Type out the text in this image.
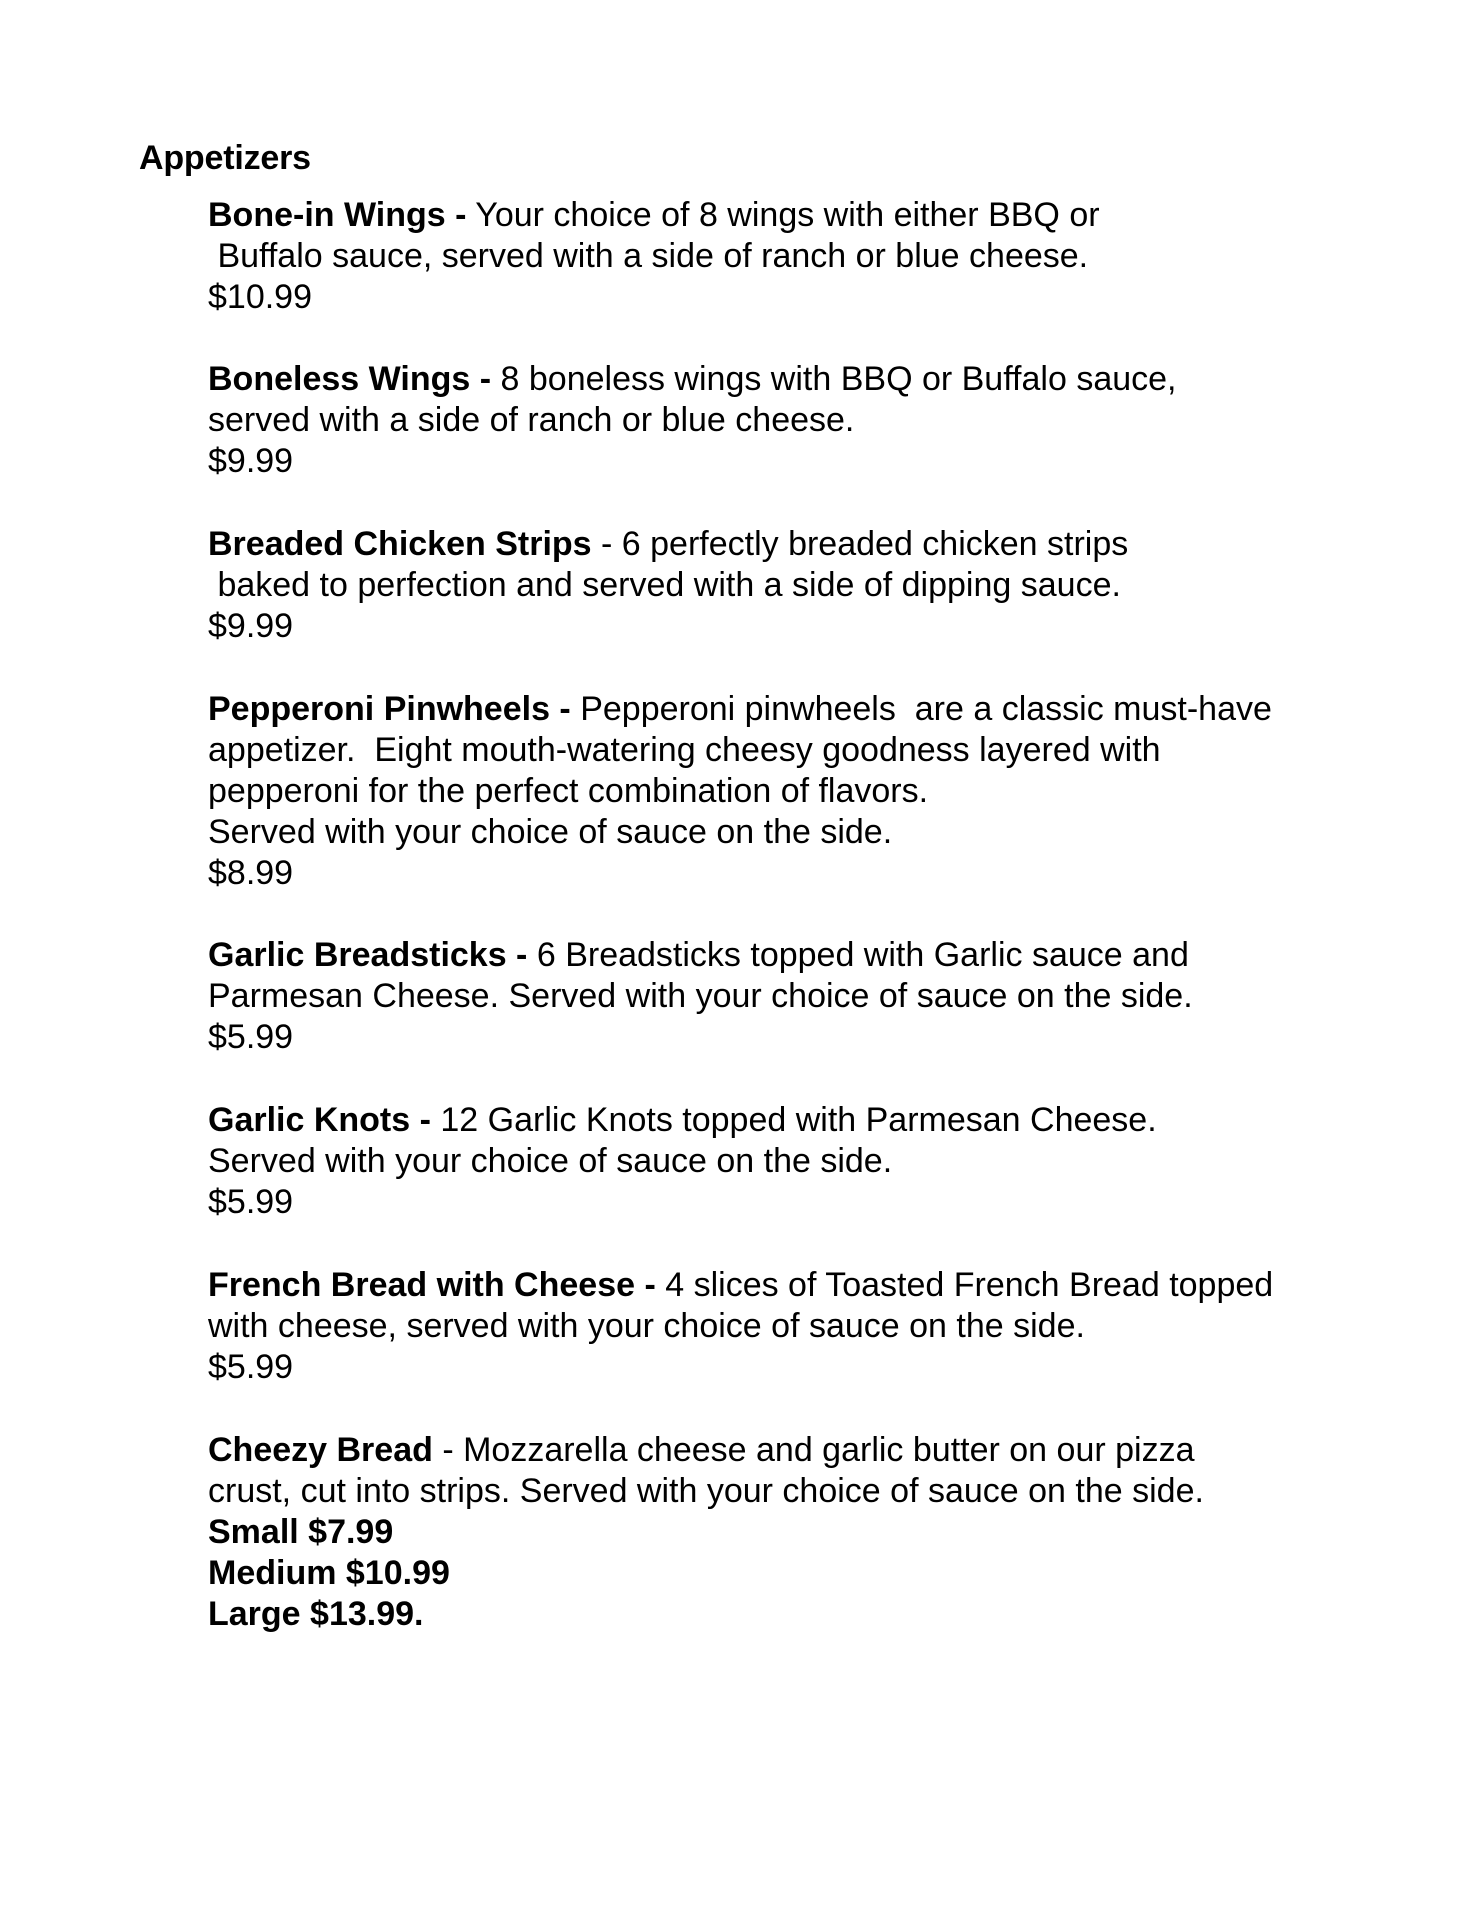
Appetizers
Bone-in Wings - Your choice of 8 wings with either BBQ or
Buffalo sauce, served with a side of ranch or blue cheese.
$10.99
Boneless Wings - 8 boneless wings with BBQ or Buffalo sauce,
served with a side of ranch or blue cheese.
$9.99
Breaded Chicken Strips - 6 perfectly breaded chicken strips
baked to perfection and served with a side of dipping sauce.
$9.99
Pepperoni Pinwheels - Pepperoni pinwheels  are a classic must-have
appetizer.  Eight mouth-watering cheesy goodness layered with
pepperoni for the perfect combination of flavors.
Served with your choice of sauce on the side.
$8.99
Garlic Breadsticks - 6 Breadsticks topped with Garlic sauce and
Parmesan Cheese. Served with your choice of sauce on the side.
$5.99
Garlic Knots - 12 Garlic Knots topped with Parmesan Cheese.
Served with your choice of sauce on the side.
$5.99
French Bread with Cheese - 4 slices of Toasted French Bread topped
with cheese, served with your choice of sauce on the side.
$5.99
Cheezy Bread - Mozzarella cheese and garlic butter on our pizza
crust, cut into strips. Served with your choice of sauce on the side.
Small $7.99
Medium $10.99
Large $13.99.
